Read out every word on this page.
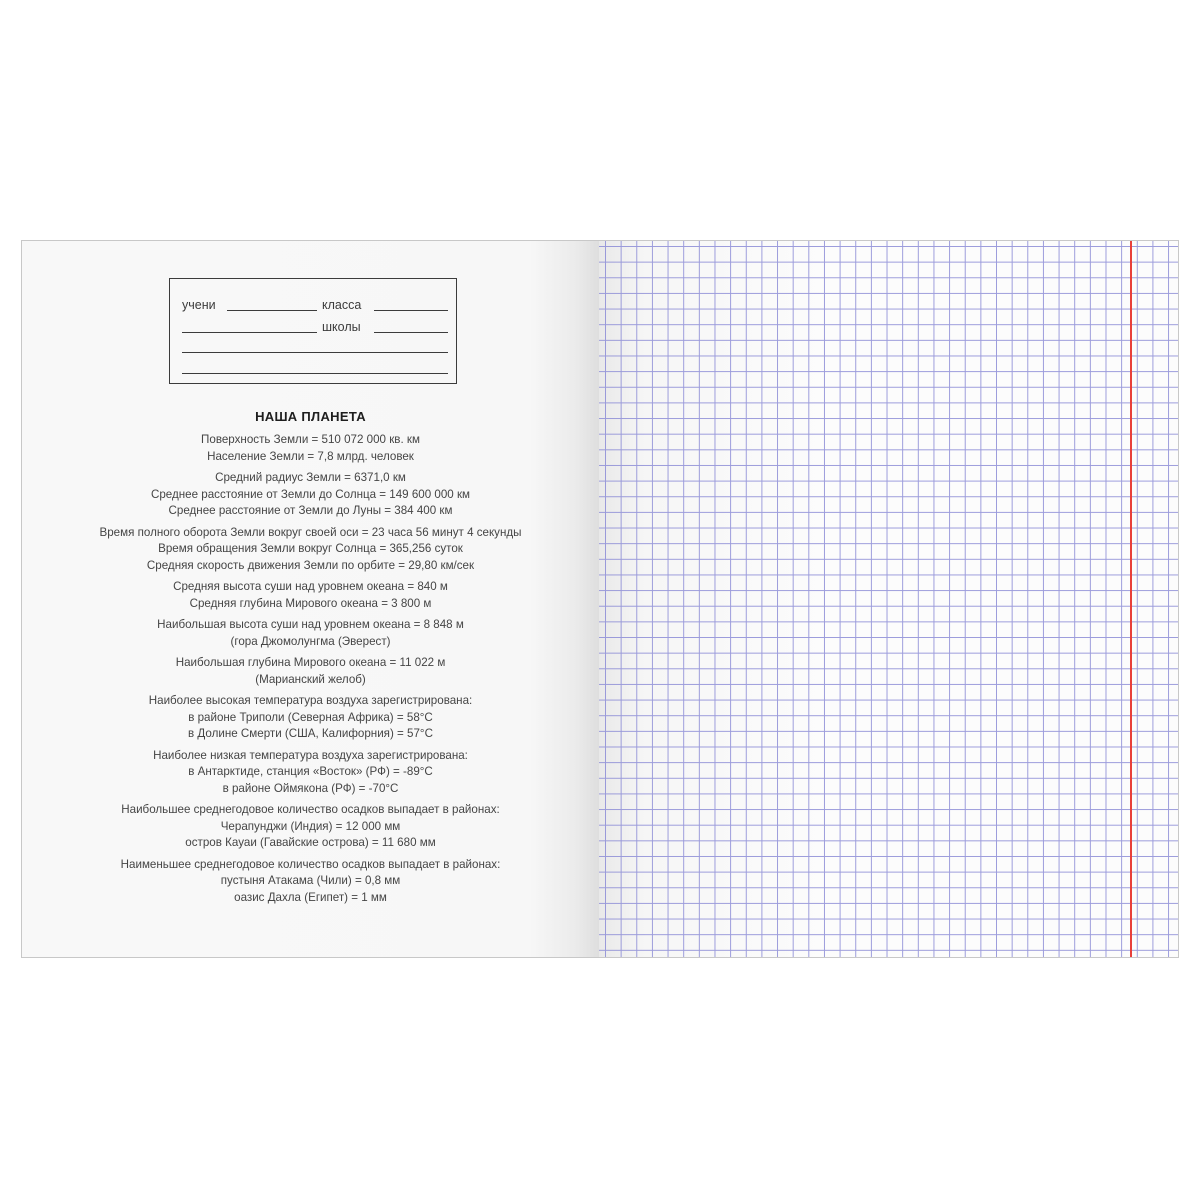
учени	класса
школы
НАША ПЛАНЕТА
Поверхность Земли = 510 072 000 кв. км
Население Земли = 7,8 млрд. человек
Средний радиус Земли = 6371,0 км
Среднее расстояние от Земли до Солнца = 149 600 000 км
Среднее расстояние от Земли до Луны = 384 400 км
Время полного оборота Земли вокруг своей оси = 23 часа 56 минут 4 секунды
Время обращения Земли вокруг Солнца = 365,256 суток
Средняя скорость движения Земли по орбите = 29,80 км/сек
Средняя высота суши над уровнем океана = 840 м
Средняя глубина Мирового океана = 3 800 м
Наибольшая высота суши над уровнем океана = 8 848 м
(гора Джомолунгма (Эверест)
Наибольшая глубина Мирового океана = 11 022 м
(Марианский желоб)
Наиболее высокая температура воздуха зарегистрирована:
в районе Триполи (Северная Африка) = 58°С
в Долине Смерти (США, Калифорния) = 57°С
Наиболее низкая температура воздуха зарегистрирована:
в Антарктиде, станция «Восток» (РФ) = -89°С
в районе Оймякона (РФ) = -70°С
Наибольшее среднегодовое количество осадков выпадает в районах:
Черапунджи (Индия) = 12 000 мм
остров Кауаи (Гавайские острова) = 11 680 мм
Наименьшее среднегодовое количество осадков выпадает в районах:
пустыня Атакама (Чили) = 0,8 мм
оазис Дахла (Египет) = 1 мм
